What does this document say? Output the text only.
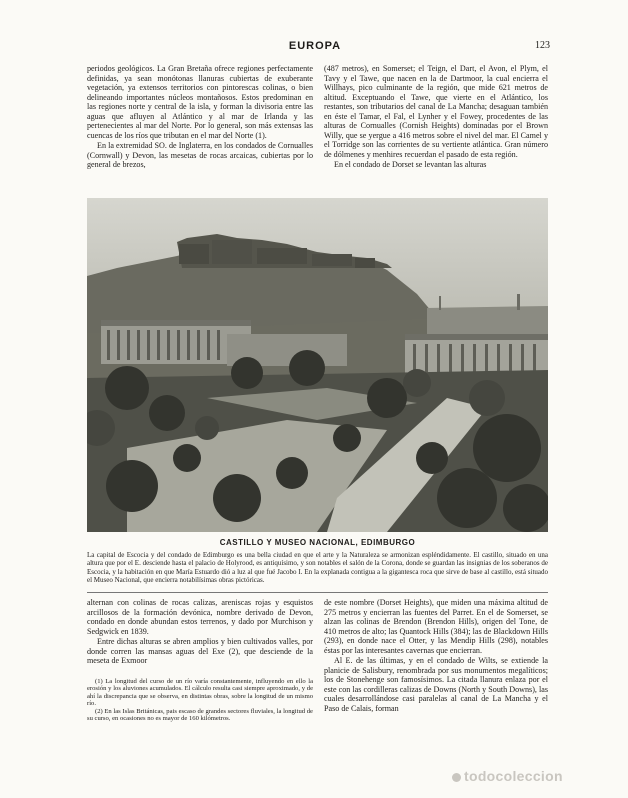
EUROPA	123

periodos geológicos. La Gran Bretaña ofrece regiones perfectamente definidas, ya sean monótonas llanuras cubiertas de exuberante vegetación, ya extensos territorios con pintorescas colinas, o bien delineando importantes núcleos montañosos. Estos predominan en las regiones norte y central de la isla, y forman la divisoria entre las aguas que afluyen al Atlántico y al mar de Irlanda y las pertenecientes al mar del Norte. Por lo general, son más extensas las cuencas de los ríos que tributan en el mar del Norte (1).

En la extremidad SO. de Inglaterra, en los condados de Cornualles (Cornwall) y Devon, las mesetas de rocas arcaicas, cubiertas por lo general de brezos,

(487 metros), en Somerset; el Teign, el Dart, el Avon, el Plym, el Tavy y el Tawe, que nacen en la de Dartmoor, la cual encierra el Willhays, pico culminante de la región, que mide 621 metros de altitud. Exceptuando el Tawe, que vierte en el Atlántico, los restantes, son tributarios del canal de La Mancha; desaguan también en éste el Tamar, el Fal, el Lynher y el Fowey, procedentes de las alturas de Cornualles (Cornish Heights) dominadas por el Brown Willy, que se yergue a 416 metros sobre el nivel del mar. El Camel y el Torridge son las corrientes de su vertiente atlántica. Gran número de dólmenes y menhires recuerdan el pasado de esta región.

En el condado de Dorset se levantan las alturas

CASTILLO Y MUSEO NACIONAL, EDIMBURGO
La capital de Escocia y del condado de Edimburgo es una bella ciudad en que el arte y la Naturaleza se armonizan espléndidamente. El castillo, situado en una altura que por el E. desciende hasta el palacio de Holyrood, es antiquísimo, y son notables el salón de la Corona, donde se guardan las insignias de los soberanos de Escocia, y la habitación en que María Estuardo dió a luz al que fué Jacobo I. En la explanada contigua a la gigantesca roca que sirve de base al castillo, está situado el Museo Nacional, que encierra notabilísimas obras pictóricas.

alternan con colinas de rocas calizas, areniscas rojas y esquistos arcillosos de la formación devónica, nombre derivado de Devon, condado en donde abundan estos terrenos, y dado por Murchison y Sedgwick en 1839.

Entre dichas alturas se abren amplios y bien cultivados valles, por donde corren las mansas aguas del Exe (2), que desciende de la meseta de Exmoor

(1) La longitud del curso de un río varía constantemente, influyendo en ello la erosión y los aluviones acumulados. El cálculo resulta casi siempre aproximado, y de ahí la discrepancia que se observa, en distintas obras, sobre la longitud de un mismo río.

(2) En las Islas Británicas, pais escaso de grandes sectores fluviales, la longitud de su curso, en ocasiones no es mayor de 160 kilómetros.

de este nombre (Dorset Heights), que miden una máxima altitud de 275 metros y encierran las fuentes del Parret. En el de Somerset, se alzan las colinas de Brendon (Brendon Hills), origen del Tone, de 410 metros de alto; las Quantock Hills (384); las de Blackdown Hills (293), en donde nace el Otter, y las Mendip Hills (298), notables éstas por las interesantes cavernas que encierran.

Al E. de las últimas, y en el condado de Wilts, se extiende la planicie de Salisbury, renombrada por sus monumentos megalíticos; los de Stonehenge son famosísimos. La citada llanura enlaza por el este con las cordilleras calizas de Downs (North y South Downs), las cuales desarrollándose casi paralelas al canal de La Mancha y el Paso de Calais, forman

todocoleccion
